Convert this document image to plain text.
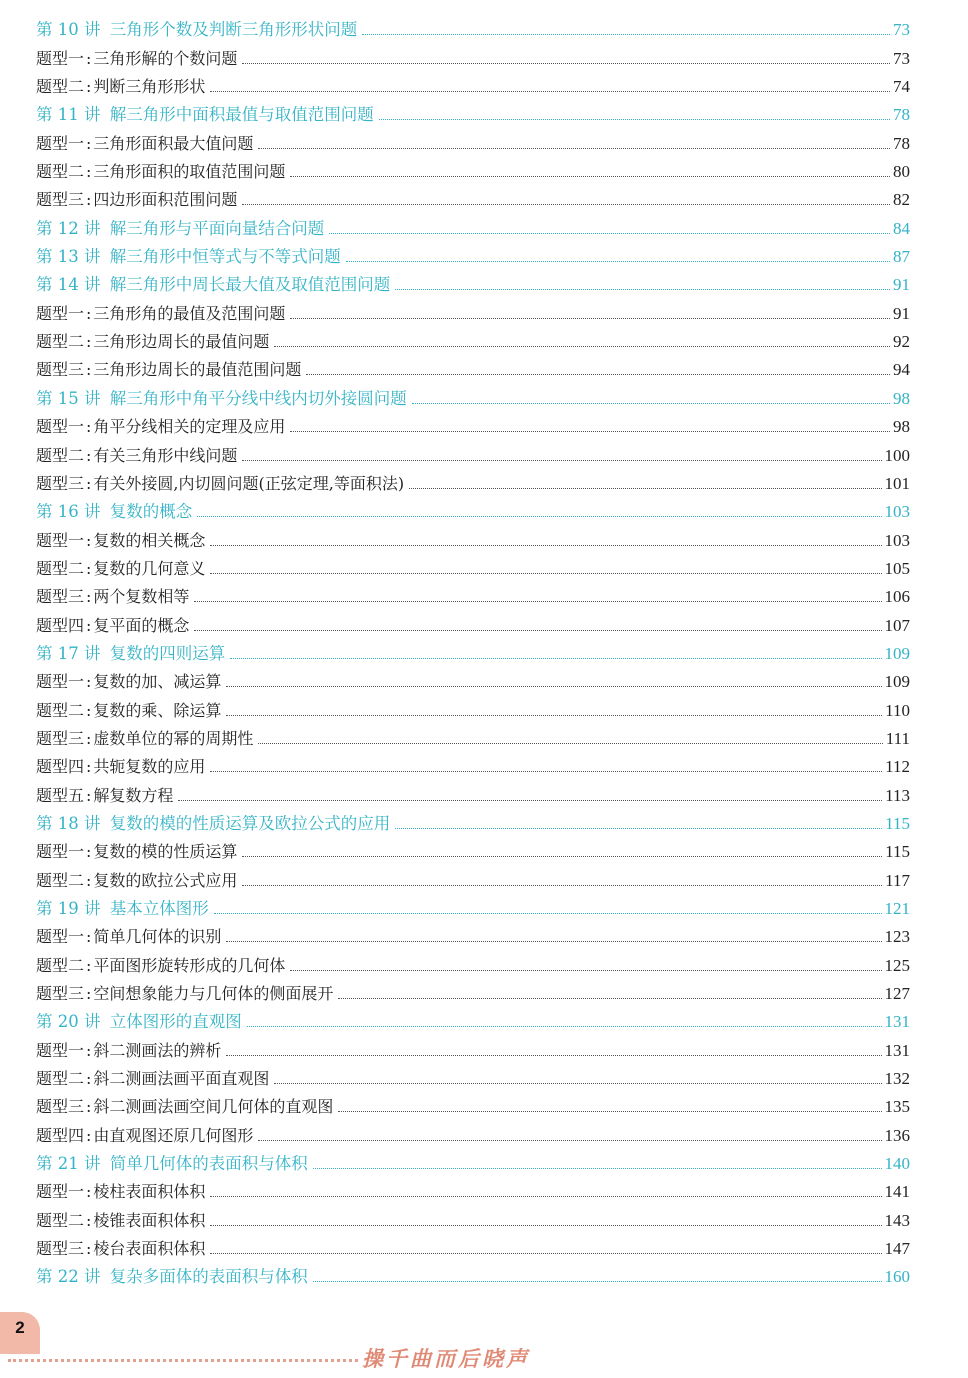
第 10 讲 三角形个数及判断三角形形状问题	73
题型一 : 三角形解的个数问题	73
题型二 : 判断三角形形状	74
第 11 讲 解三角形中面积最值与取值范围问题	78
题型一 : 三角形面积最大值问题	78
题型二 : 三角形面积的取值范围问题	80
题型三 : 四边形面积范围问题	82
第 12 讲 解三角形与平面向量结合问题	84
第 13 讲 解三角形中恒等式与不等式问题	87
第 14 讲 解三角形中周长最大值及取值范围问题	91
题型一 : 三角形角的最值及范围问题	91
题型二 : 三角形边周长的最值问题	92
题型三 : 三角形边周长的最值范围问题	94
第 15 讲 解三角形中角平分线中线内切外接圆问题	98
题型一 : 角平分线相关的定理及应用	98
题型二 : 有关三角形中线问题	100
题型三 : 有关外接圆,内切圆问题(正弦定理,等面积法)	101
第 16 讲 复数的概念	103
题型一 : 复数的相关概念	103
题型二 : 复数的几何意义	105
题型三 : 两个复数相等	106
题型四 : 复平面的概念	107
第 17 讲 复数的四则运算	109
题型一 : 复数的加、减运算	109
题型二 : 复数的乘、除运算	110
题型三 : 虚数单位的幂的周期性	111
题型四 : 共轭复数的应用	112
题型五 : 解复数方程	113
第 18 讲 复数的模的性质运算及欧拉公式的应用	115
题型一 : 复数的模的性质运算	115
题型二 : 复数的欧拉公式应用	117
第 19 讲 基本立体图形	121
题型一 : 简单几何体的识别	123
题型二 : 平面图形旋转形成的几何体	125
题型三 : 空间想象能力与几何体的侧面展开	127
第 20 讲 立体图形的直观图	131
题型一 : 斜二测画法的辨析	131
题型二 : 斜二测画法画平面直观图	132
题型三 : 斜二测画法画空间几何体的直观图	135
题型四 : 由直观图还原几何图形	136
第 21 讲 简单几何体的表面积与体积	140
题型一 : 棱柱表面积体积	141
题型二 : 棱锥表面积体积	143
题型三 : 棱台表面积体积	147
第 22 讲 复杂多面体的表面积与体积	160
2
操千曲而后晓声
